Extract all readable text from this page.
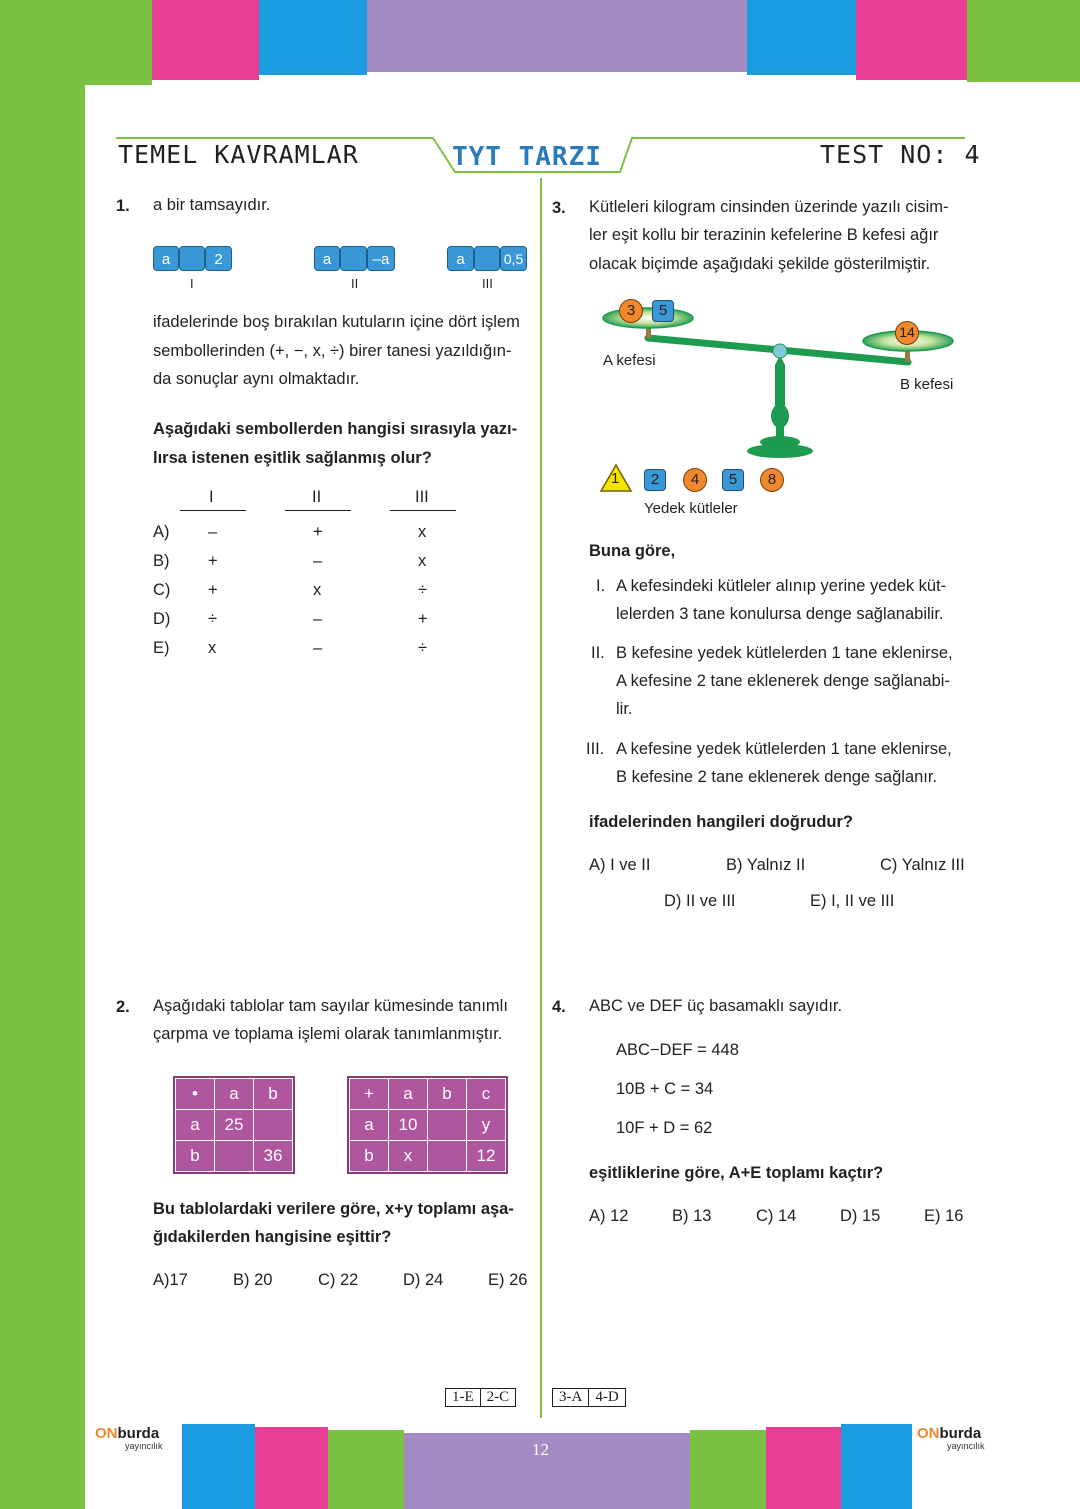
TEMEL KAVRAMLAR	TYT TARZI	TEST NO: 4
1. a bir tamsayıdır.
a	2
I
a	–a
II
a	0,5
III
ifadelerinde boş bırakılan kutuların içine dört işlem
sembollerinden (+, −, x, ÷) birer tanesi yazıldığın-
da sonuçlar aynı olmaktadır.
Aşağıdaki sembollerden hangisi sırasıyla yazı-
lırsa istenen eşitlik sağlanmış olur?
I	II	III
A) –	+	x
B) +	–	x
C) +	x	÷
D) ÷	–	+
E) x	–	÷
2. Aşağıdaki tablolar tam sayılar kümesinde tanımlı
çarpma ve toplama işlemi olarak tanımlanmıştır.
•	a	b
a	25	
b		36
+	a	b	c
a	10		y
b	x		12
Bu tablolardaki verilere göre, x+y toplamı aşa-
ğıdakilerden hangisine eşittir?
A)17	B) 20	C) 22	D) 24	E) 26
3. Kütleleri kilogram cinsinden üzerinde yazılı cisim-
ler eşit kollu bir terazinin kefelerine B kefesi ağır
olacak biçimde aşağıdaki şekilde gösterilmiştir.
3	5
14
A kefesi
B kefesi
1	2	4	5	8
Yedek kütleler
Buna göre,
I. A kefesindeki kütleler alınıp yerine yedek küt-
lelerden 3 tane konulursa denge sağlanabilir.
II. B kefesine yedek kütlelerden 1 tane eklenirse,
A kefesine 2 tane eklenerek denge sağlanabi-
lir.
III. A kefesine yedek kütlelerden 1 tane eklenirse,
B kefesine 2 tane eklenerek denge sağlanır.
ifadelerinden hangileri doğrudur?
A) I ve II	B) Yalnız II	C) Yalnız III
D) II ve III	E) I, II ve III
4. ABC ve DEF üç basamaklı sayıdır.
ABC−DEF = 448
10B + C = 34
10F + D = 62
eşitliklerine göre, A+E toplamı kaçtır?
A) 12	B) 13	C) 14	D) 15	E) 16
1-E 2-C	3-A 4-D
12
ONburda
yayıncılık
ONburda
yayıncılık
